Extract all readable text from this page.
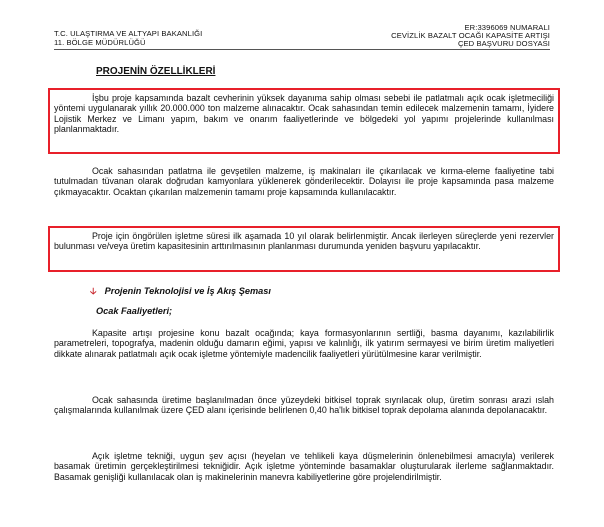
T.C. ULAŞTIRMA VE ALTYAPI BAKANLIĞI
11. BÖLGE MÜDÜRLÜĞÜ
ER:3396069 NUMARALI
CEVİZLİK BAZALT OCAĞI KAPASİTE ARTIŞI
ÇED BAŞVURU DOSYASI
PROJENİN ÖZELLİKLERİ
İşbu proje kapsamında bazalt cevherinin yüksek dayanıma sahip olması sebebi ile patlatmalı açık ocak işletmeciliği yöntemi uygulanarak yıllık 20.000.000 ton malzeme alınacaktır. Ocak sahasından temin edilecek malzemenin tamamı, İyidere Lojistik Merkez ve Limanı yapım, bakım ve onarım faaliyetlerinde ve bölgedeki yol yapımı projelerinde kullanılması planlanmaktadır.
Ocak sahasından patlatma ile gevşetilen malzeme, iş makinaları ile çıkarılacak ve kırma-eleme faaliyetine tabi tutulmadan tüvanan olarak doğrudan kamyonlara yüklenerek gönderilecektir. Dolayısı ile proje kapsamında pasa malzeme çıkmayacaktır. Ocaktan çıkarılan malzemenin tamamı proje kapsamında kullanılacaktır.
Proje için öngörülen işletme süresi ilk aşamada 10 yıl olarak belirlenmiştir. Ancak ilerleyen süreçlerde yeni rezervler bulunması ve/veya üretim kapasitesinin arttırılmasının planlanması durumunda yeniden başvuru yapılacaktır.
🡣 Projenin Teknolojisi ve İş Akış Şeması
Ocak Faaliyetleri;
Kapasite artışı projesine konu bazalt ocağında; kaya formasyonlarının sertliği, basma dayanımı, kazılabilirlik parametreleri, topografya, madenin olduğu damarın eğimi, yapısı ve kalınlığı, ilk yatırım sermayesi ve birim üretim maliyetleri dikkate alınarak patlatmalı açık ocak işletme yöntemiyle madencilik faaliyetleri yürütülmesine karar verilmiştir.
Ocak sahasında üretime başlanılmadan önce yüzeydeki bitkisel toprak sıyrılacak olup, üretim sonrası arazi ıslah çalışmalarında kullanılmak üzere ÇED alanı içerisinde belirlenen 0,40 ha'lık bitkisel toprak depolama alanında depolanacaktır.
Açık işletme tekniği, uygun şev açısı (heyelan ve tehlikeli kaya düşmelerinin önlenebilmesi amacıyla) verilerek basamak üretimin gerçekleştirilmesi tekniğidir. Açık işletme yönteminde basamaklar oluşturularak ilerleme sağlanmaktadır. Basamak genişliği kullanılacak olan iş makinelerinin manevra kabiliyetlerine göre projelendirilmiştir.
